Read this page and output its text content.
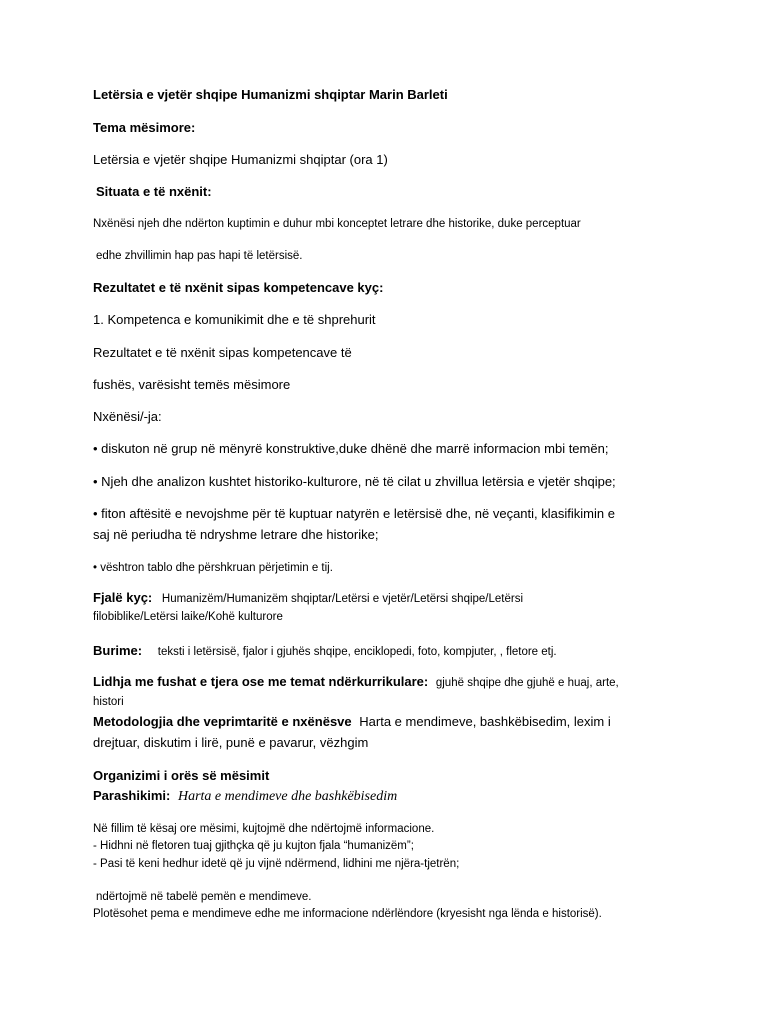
Letërsia e vjetër shqipe Humanizmi shqiptar Marin Barleti
Tema mësimore:
Letërsia e vjetër shqipe Humanizmi shqiptar (ora 1)
Situata e të nxënit:
Nxënësi njeh dhe ndërton kuptimin e duhur mbi konceptet letrare dhe historike, duke perceptuar
edhe zhvillimin hap pas hapi të letërsisë.
Rezultatet e të nxënit sipas kompetencave kyç:
1. Kompetenca e komunikimit dhe e të shprehurit
Rezultatet e të nxënit sipas kompetencave të
fushës, varësisht temës mësimore
Nxënësi/-ja:
• diskuton në grup në mënyrë konstruktive,duke dhënë dhe marrë informacion mbi temën;
• Njeh dhe analizon kushtet historiko-kulturore, në të cilat u zhvillua letërsia e vjetër shqipe;
• fiton aftësitë e nevojshme për të kuptuar natyrën e letërsisë dhe, në veçanti, klasifikimin e
saj në periudha të ndryshme letrare dhe historike;
• vështron tablo dhe përshkruan përjetimin e tij.
Fjalë kyç: Humanizëm/Humanizëm shqiptar/Letërsi e vjetër/Letërsi shqipe/Letërsi
filobiblike/Letërsi laike/Kohë kulturore
Burime: teksti i letërsisë, fjalor i gjuhës shqipe, enciklopedi, foto, kompjuter, , fletore etj.
Lidhja me fushat e tjera ose me temat ndërkurrikulare: gjuhë shqipe dhe gjuhë e huaj, arte,
histori
Metodologjia dhe veprimtaritë e nxënësve Harta e mendimeve, bashkëbisedim, lexim i
drejtuar, diskutim i lirë, punë e pavarur, vëzhgim
Organizimi i orës së mësimit
Parashikimi: Harta e mendimeve dhe bashkëbisedim
Në fillim të kësaj ore mësimi, kujtojmë dhe ndërtojmë informacione.
- Hidhni në fletoren tuaj gjithçka që ju kujton fjala “humanizëm”;
- Pasi të keni hedhur idetë që ju vijnë ndërmend, lidhini me njëra-tjetrën;
ndërtojmë në tabelë pemën e mendimeve.
Plotësohet pema e mendimeve edhe me informacione ndërlëndore (kryesisht nga lënda e historisë).
